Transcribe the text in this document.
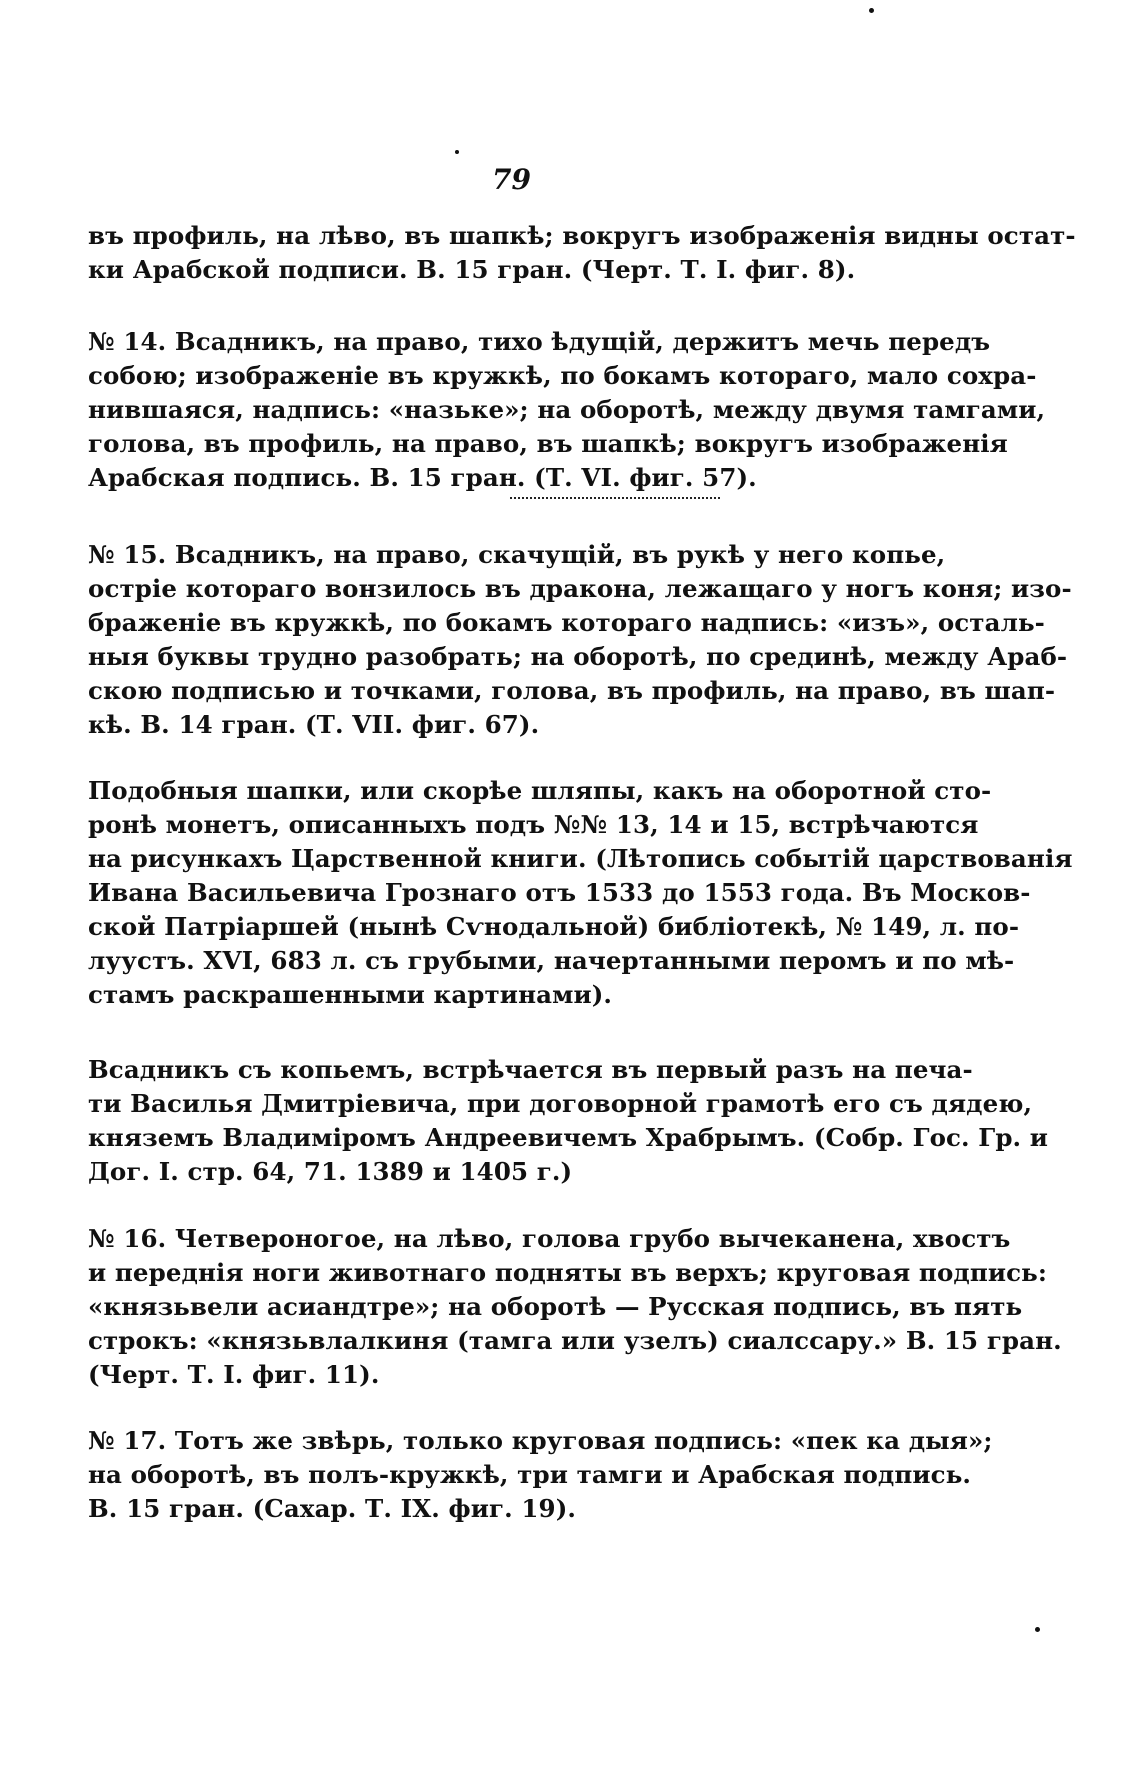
79
въ профиль, на лѣво, въ шапкѣ; вокругъ изображенія видны остат-
ки Арабской подписи. В. 15 гран. (Черт. Т. I. фиг. 8).
№ 14. Всадникъ, на право, тихо ѣдущій, держитъ мечь передъ
собою; изображеніе въ кружкѣ, по бокамъ котораго, мало сохра-
нившаяся, надпись: «назьке»; на оборотѣ, между двумя тамгами,
голова, въ профиль, на право, въ шапкѣ; вокругъ изображенія
Арабская подпись. В. 15 гран. (Т. VI. фиг. 57).
№ 15. Всадникъ, на право, скачущій, въ рукѣ у него копье,
остріе котораго вонзилось въ дракона, лежащаго у ногъ коня; изо-
браженіе въ кружкѣ, по бокамъ котораго надпись: «изъ», осталь-
ныя буквы трудно разобрать; на оборотѣ, по срединѣ, между Араб-
скою подписью и точками, голова, въ профиль, на право, въ шап-
кѣ. В. 14 гран. (Т. VII. фиг. 67).
Подобныя шапки, или скорѣе шляпы, какъ на оборотной сто-
ронѣ монетъ, описанныхъ подъ №№ 13, 14 и 15, встрѣчаются
на рисункахъ Царственной книги. (Лѣтопись событій царствованія
Ивана Васильевича Грознаго отъ 1533 до 1553 года. Въ Москов-
ской Патріаршей (нынѣ Сѵнодальной) библіотекѣ, № 149, л. по-
луустъ. XVI, 683 л. съ грубыми, начертанными перомъ и по мѣ-
стамъ раскрашенными картинами).
Всадникъ съ копьемъ, встрѣчается въ первый разъ на печа-
ти Василья Дмитріевича, при договорной грамотѣ его съ дядею,
княземъ Владиміромъ Андреевичемъ Храбрымъ. (Собр. Гос. Гр. и
Дог. I. стр. 64, 71. 1389 и 1405 г.)
№ 16. Четвероногое, на лѣво, голова грубо вычеканена, хвостъ
и переднія ноги животнаго подняты въ верхъ; круговая подпись:
«князьвели асиандтре»; на оборотѣ — Русская подпись, въ пять
строкъ: «князьвлалкиня (тамга или узелъ) сиалссару.» В. 15 гран.
(Черт. Т. I. фиг. 11).
№ 17. Тотъ же звѣрь, только круговая подпись: «пек ка дыя»;
на оборотѣ, въ полъ-кружкѣ, три тамги и Арабская подпись.
В. 15 гран. (Сахар. Т. IX. фиг. 19).
